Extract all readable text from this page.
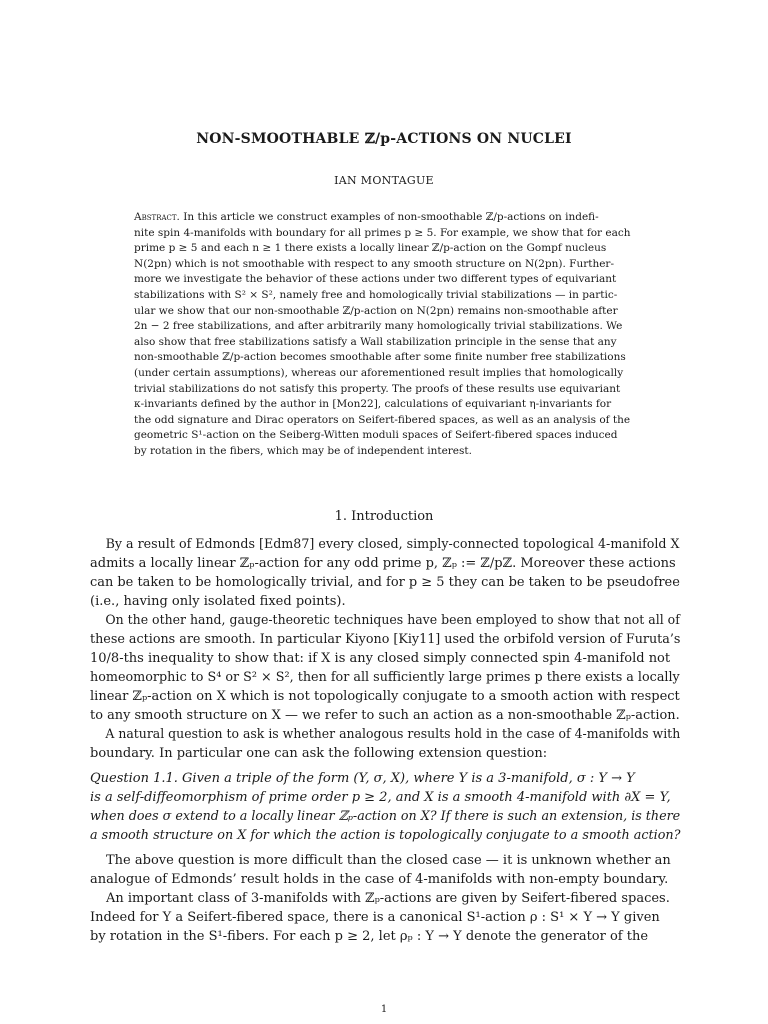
NON-SMOOTHABLE ℤ/p-ACTIONS ON NUCLEI
IAN MONTAGUE
Abstract. In this article we construct examples of non-smoothable ℤ/p-actions on indefi-
nite spin 4-manifolds with boundary for all primes p ≥ 5. For example, we show that for each
prime p ≥ 5 and each n ≥ 1 there exists a locally linear ℤ/p-action on the Gompf nucleus
N(2pn) which is not smoothable with respect to any smooth structure on N(2pn). Further-
more we investigate the behavior of these actions under two different types of equivariant
stabilizations with S² × S², namely free and homologically trivial stabilizations — in partic-
ular we show that our non-smoothable ℤ/p-action on N(2pn) remains non-smoothable after
2n − 2 free stabilizations, and after arbitrarily many homologically trivial stabilizations. We
also show that free stabilizations satisfy a Wall stabilization principle in the sense that any
non-smoothable ℤ/p-action becomes smoothable after some finite number free stabilizations
(under certain assumptions), whereas our aforementioned result implies that homologically
trivial stabilizations do not satisfy this property. The proofs of these results use equivariant
κ-invariants defined by the author in [Mon22], calculations of equivariant η-invariants for
the odd signature and Dirac operators on Seifert-fibered spaces, as well as an analysis of the
geometric S¹-action on the Seiberg-Witten moduli spaces of Seifert-fibered spaces induced
by rotation in the fibers, which may be of independent interest.
1. Introduction
By a result of Edmonds [Edm87] every closed, simply-connected topological 4-manifold X
admits a locally linear ℤₚ-action for any odd prime p, ℤₚ := ℤ/pℤ. Moreover these actions
can be taken to be homologically trivial, and for p ≥ 5 they can be taken to be pseudofree
(i.e., having only isolated fixed points).
On the other hand, gauge-theoretic techniques have been employed to show that not all of
these actions are smooth. In particular Kiyono [Kiy11] used the orbifold version of Furuta’s
10/8-ths inequality to show that: if X is any closed simply connected spin 4-manifold not
homeomorphic to S⁴ or S² × S², then for all sufficiently large primes p there exists a locally
linear ℤₚ-action on X which is not topologically conjugate to a smooth action with respect
to any smooth structure on X — we refer to such an action as a non-smoothable ℤₚ-action.
A natural question to ask is whether analogous results hold in the case of 4-manifolds with
boundary. In particular one can ask the following extension question:
Question 1.1. Given a triple of the form (Y, σ, X), where Y is a 3-manifold, σ : Y → Y
is a self-diffeomorphism of prime order p ≥ 2, and X is a smooth 4-manifold with ∂X = Y,
when does σ extend to a locally linear ℤₚ-action on X? If there is such an extension, is there
a smooth structure on X for which the action is topologically conjugate to a smooth action?
The above question is more difficult than the closed case — it is unknown whether an
analogue of Edmonds’ result holds in the case of 4-manifolds with non-empty boundary.
An important class of 3-manifolds with ℤₚ-actions are given by Seifert-fibered spaces.
Indeed for Y a Seifert-fibered space, there is a canonical S¹-action ρ : S¹ × Y → Y given
by rotation in the S¹-fibers. For each p ≥ 2, let ρₚ : Y → Y denote the generator of the
1
